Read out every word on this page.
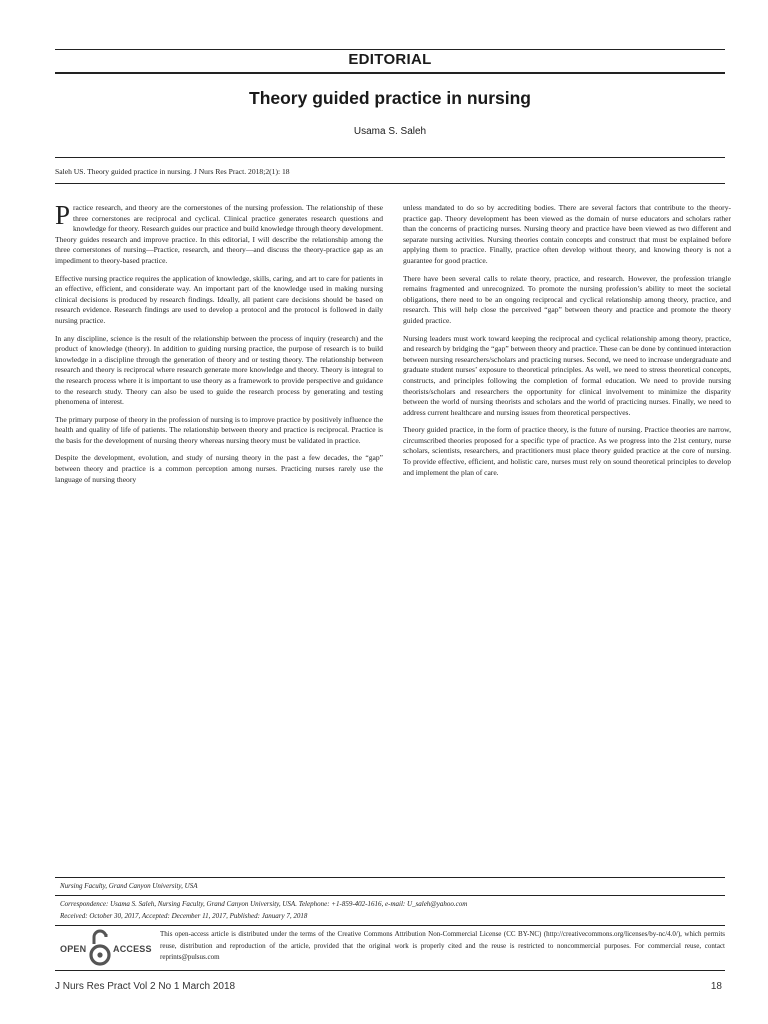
EDITORIAL
Theory guided practice in nursing
Usama S. Saleh
Saleh US. Theory guided practice in nursing. J Nurs Res Pract. 2018;2(1): 18

Practice research, and theory are the cornerstones of the nursing profession. The relationship of these three cornerstones are reciprocal and cyclical. Clinical practice generates research questions and knowledge for theory. Research guides our practice and build knowledge through theory development. Theory guides research and improve practice. In this editorial, I will describe the relationship among the three cornerstones of nursing—Practice, research, and theory—and discuss the theory-practice gap as an impediment to theory-based practice.

Effective nursing practice requires the application of knowledge, skills, caring, and art to care for patients in an effective, efficient, and considerate way. An important part of the knowledge used in making nursing clinical decisions is produced by research findings. Ideally, all patient care decisions should be based on research evidence. Research findings are used to develop a protocol and the protocol is followed in daily nursing practice.

In any discipline, science is the result of the relationship between the process of inquiry (research) and the product of knowledge (theory). In addition to guiding nursing practice, the purpose of research is to build knowledge in a discipline through the generation of theory and or testing theory. The relationship between research and theory is reciprocal where research generate more knowledge and theory. Theory is integral to the research process where it is important to use theory as a framework to provide perspective and guidance to the research study. Theory can also be used to guide the research process by generating and testing phenomena of interest.

The primary purpose of theory in the profession of nursing is to improve practice by positively influence the health and quality of life of patients. The relationship between theory and practice is reciprocal. Practice is the basis for the development of nursing theory whereas nursing theory must be validated in practice.

Despite the development, evolution, and study of nursing theory in the past a few decades, the “gap” between theory and practice is a common perception among nurses. Practicing nurses rarely use the language of nursing theory

unless mandated to do so by accrediting bodies. There are several factors that contribute to the theory-practice gap. Theory development has been viewed as the domain of nurse educators and scholars rather than the concerns of practicing nurses. Nursing theory and practice have been viewed as two different and separate nursing activities. Nursing theories contain concepts and construct that must be explained before applying them to practice. Finally, practice often develop without theory, and knowing theory is not a guarantee for good practice.

There have been several calls to relate theory, practice, and research. However, the profession triangle remains fragmented and unrecognized. To promote the nursing profession’s ability to meet the societal obligations, there need to be an ongoing reciprocal and cyclical relationship among theory, practice, and research. This will help close the perceived “gap” between theory and practice and promote the theory guided practice.

Nursing leaders must work toward keeping the reciprocal and cyclical relationship among theory, practice, and research by bridging the “gap” between theory and practice. These can be done by continued interaction between nursing researchers/scholars and practicing nurses. Second, we need to increase undergraduate and graduate student nurses’ exposure to theoretical principles. As well, we need to stress theoretical concepts, constructs, and principles following the completion of formal education. We need to provide nursing theorists/scholars and researchers the opportunity for clinical involvement to minimize the disparity between the world of nursing theorists and scholars and the world of practicing nurses. Finally, we need to address current healthcare and nursing issues from theoretical perspectives.

Theory guided practice, in the form of practice theory, is the future of nursing. Practice theories are narrow, circumscribed theories proposed for a specific type of practice. As we progress into the 21st century, nurse scholars, scientists, researchers, and practitioners must place theory guided practice at the core of nursing. To provide effective, efficient, and holistic care, nurses must rely on sound theoretical principles to develop and implement the plan of care.

Nursing Faculty, Grand Canyon University, USA
Correspondence: Usama S. Saleh, Nursing Faculty, Grand Canyon University, USA. Telephone: +1-859-402-1616, e-mail: U_saleh@yahoo.com
Received: October 30, 2017, Accepted: December 11, 2017, Published: January 7, 2018
OPEN	ACCESS
This open-access article is distributed under the terms of the Creative Commons Attribution Non-Commercial License (CC BY-NC) (http://creativecommons.org/licenses/by-nc/4.0/), which permits reuse, distribution and reproduction of the article, provided that the original work is properly cited and the reuse is restricted to noncommercial purposes. For commercial reuse, contact reprints@pulsus.com
J Nurs Res Pract Vol 2 No 1 March 2018	18
